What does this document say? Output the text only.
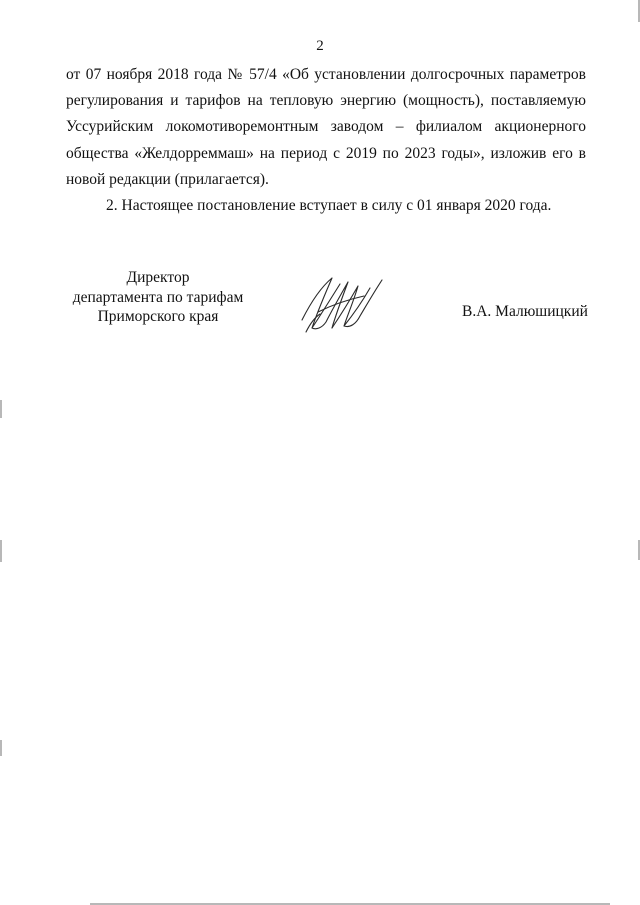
2

от 07 ноября 2018 года № 57/4 «Об установлении долгосрочных параметров регулирования и тарифов на тепловую энергию (мощность), поставляемую Уссурийским локомотиворемонтным заводом – филиалом акционерного общества «Желдорреммаш» на период с 2019 по 2023 годы», изложив его в новой редакции (прилагается).

2. Настоящее постановление вступает в силу с 01 января 2020 года.

Директор
департамента по тарифам
Приморского края	В.А. Малюшицкий
